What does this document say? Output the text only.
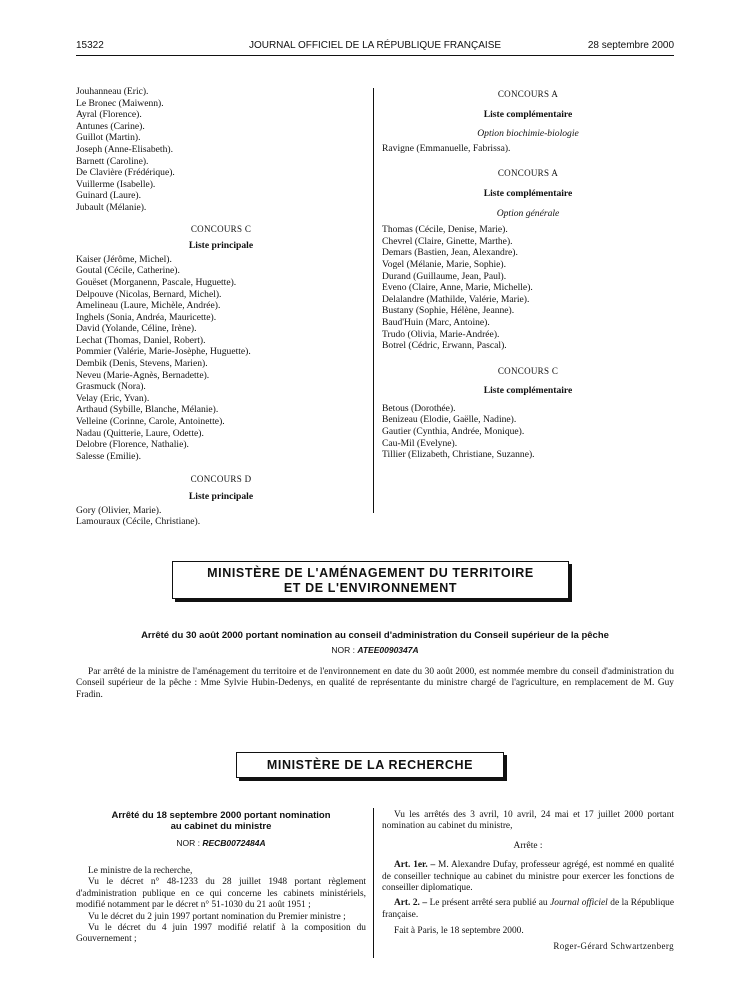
15322	JOURNAL OFFICIEL DE LA RÉPUBLIQUE FRANÇAISE	28 septembre 2000
Jouhanneau (Eric).
Le Bronec (Maiwenn).
Ayral (Florence).
Antunes (Carine).
Guillot (Martin).
Joseph (Anne-Elisabeth).
Barnett (Caroline).
De Clavière (Frédérique).
Vuillerme (Isabelle).
Guinard (Laure).
Jubault (Mélanie).
CONCOURS C
Liste principale
Kaiser (Jérôme, Michel).
Goutal (Cécile, Catherine).
Gouëset (Morganenn, Pascale, Huguette).
Delpouve (Nicolas, Bernard, Michel).
Amelineau (Laure, Michèle, Andrée).
Inghels (Sonia, Andréa, Mauricette).
David (Yolande, Céline, Irène).
Lechat (Thomas, Daniel, Robert).
Pommier (Valérie, Marie-Josèphe, Huguette).
Dembik (Denis, Stevens, Marien).
Neveu (Marie-Agnès, Bernadette).
Grasmuck (Nora).
Velay (Eric, Yvan).
Arthaud (Sybille, Blanche, Mélanie).
Velleine (Corinne, Carole, Antoinette).
Nadau (Quitterie, Laure, Odette).
Delobre (Florence, Nathalie).
Salesse (Emilie).
CONCOURS D
Liste principale
Gory (Olivier, Marie).
Lamouraux (Cécile, Christiane).
CONCOURS A
Liste complémentaire
Option biochimie-biologie
Ravigne (Emmanuelle, Fabrissa).
CONCOURS A
Liste complémentaire
Option générale
Thomas (Cécile, Denise, Marie).
Chevrel (Claire, Ginette, Marthe).
Demars (Bastien, Jean, Alexandre).
Vogel (Mélanie, Marie, Sophie).
Durand (Guillaume, Jean, Paul).
Eveno (Claire, Anne, Marie, Michelle).
Delalandre (Mathilde, Valérie, Marie).
Bustany (Sophie, Hélène, Jeanne).
Baud'Huin (Marc, Antoine).
Trudo (Olivia, Marie-Andrée).
Botrel (Cédric, Erwann, Pascal).
CONCOURS C
Liste complémentaire
Betous (Dorothée).
Benizeau (Elodie, Gaëlle, Nadine).
Gautier (Cynthia, Andrée, Monique).
Cau-Mil (Evelyne).
Tillier (Elizabeth, Christiane, Suzanne).
MINISTÈRE DE L'AMÉNAGEMENT DU TERRITOIRE
ET DE L'ENVIRONNEMENT
Arrêté du 30 août 2000 portant nomination au conseil d'administration du Conseil supérieur de la pêche
NOR : ATEE0090347A

Par arrêté de la ministre de l'aménagement du territoire et de l'environnement en date du 30 août 2000, est nommée membre du conseil d'administration du Conseil supérieur de la pêche : Mme Sylvie Hubin-Dedenys, en qualité de représentante du ministre chargé de l'agriculture, en remplacement de M. Guy Fradin.

MINISTÈRE DE LA RECHERCHE
Arrêté du 18 septembre 2000 portant nomination
au cabinet du ministre
NOR : RECB0072484A

Le ministre de la recherche,

Vu le décret n° 48-1233 du 28 juillet 1948 portant règlement d'administration publique en ce qui concerne les cabinets ministériels, modifié notamment par le décret n° 51-1030 du 21 août 1951 ;

Vu le décret du 2 juin 1997 portant nomination du Premier ministre ;

Vu le décret du 4 juin 1997 modifié relatif à la composition du Gouvernement ;

Vu les arrêtés des 3 avril, 10 avril, 24 mai et 17 juillet 2000 portant nomination au cabinet du ministre,

Arrête :

Art. 1er. – M. Alexandre Dufay, professeur agrégé, est nommé en qualité de conseiller technique au cabinet du ministre pour exercer les fonctions de conseiller diplomatique.

Art. 2. – Le présent arrêté sera publié au Journal officiel de la République française.

Fait à Paris, le 18 septembre 2000.

Roger-Gérard Schwartzenberg
